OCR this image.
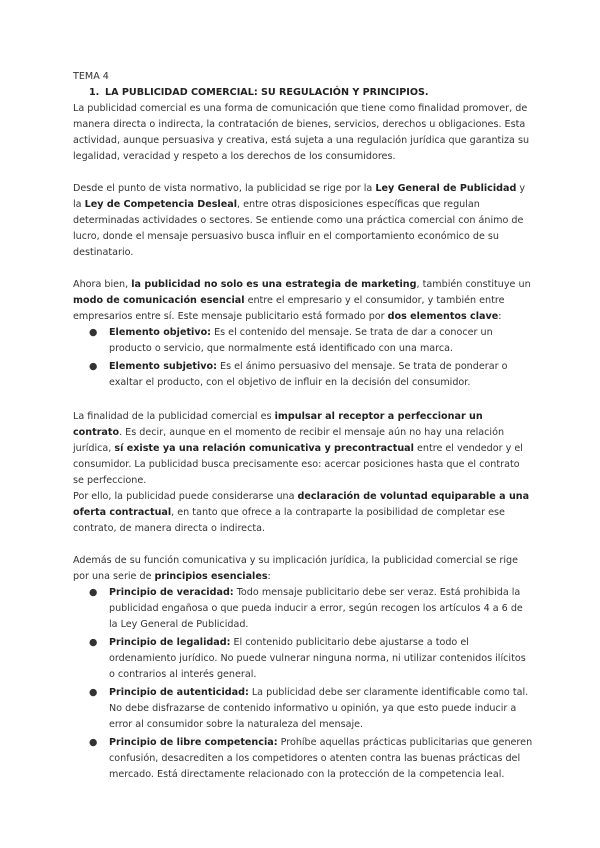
TEMA 4

1. LA PUBLICIDAD COMERCIAL: SU REGULACIÓN Y PRINCIPIOS.

La publicidad comercial es una forma de comunicación que tiene como finalidad promover, de manera directa o indirecta, la contratación de bienes, servicios, derechos u obligaciones. Esta actividad, aunque persuasiva y creativa, está sujeta a una regulación jurídica que garantiza su legalidad, veracidad y respeto a los derechos de los consumidores.

Desde el punto de vista normativo, la publicidad se rige por la Ley General de Publicidad y la Ley de Competencia Desleal, entre otras disposiciones específicas que regulan determinadas actividades o sectores. Se entiende como una práctica comercial con ánimo de lucro, donde el mensaje persuasivo busca influir en el comportamiento económico de su destinatario.

Ahora bien, la publicidad no solo es una estrategia de marketing, también constituye un modo de comunicación esencial entre el empresario y el consumidor, y también entre empresarios entre sí. Este mensaje publicitario está formado por dos elementos clave:

● Elemento objetivo: Es el contenido del mensaje. Se trata de dar a conocer un producto o servicio, que normalmente está identificado con una marca.
● Elemento subjetivo: Es el ánimo persuasivo del mensaje. Se trata de ponderar o exaltar el producto, con el objetivo de influir en la decisión del consumidor.

La finalidad de la publicidad comercial es impulsar al receptor a perfeccionar un contrato. Es decir, aunque en el momento de recibir el mensaje aún no hay una relación jurídica, sí existe ya una relación comunicativa y precontractual entre el vendedor y el consumidor. La publicidad busca precisamente eso: acercar posiciones hasta que el contrato se perfeccione.

Por ello, la publicidad puede considerarse una declaración de voluntad equiparable a una oferta contractual, en tanto que ofrece a la contraparte la posibilidad de completar ese contrato, de manera directa o indirecta.

Además de su función comunicativa y su implicación jurídica, la publicidad comercial se rige por una serie de principios esenciales:

● Principio de veracidad: Todo mensaje publicitario debe ser veraz. Está prohibida la publicidad engañosa o que pueda inducir a error, según recogen los artículos 4 a 6 de la Ley General de Publicidad.
● Principio de legalidad: El contenido publicitario debe ajustarse a todo el ordenamiento jurídico. No puede vulnerar ninguna norma, ni utilizar contenidos ilícitos o contrarios al interés general.
● Principio de autenticidad: La publicidad debe ser claramente identificable como tal. No debe disfrazarse de contenido informativo u opinión, ya que esto puede inducir a error al consumidor sobre la naturaleza del mensaje.
● Principio de libre competencia: Prohíbe aquellas prácticas publicitarias que generen confusión, desacrediten a los competidores o atenten contra las buenas prácticas del mercado. Está directamente relacionado con la protección de la competencia leal.
